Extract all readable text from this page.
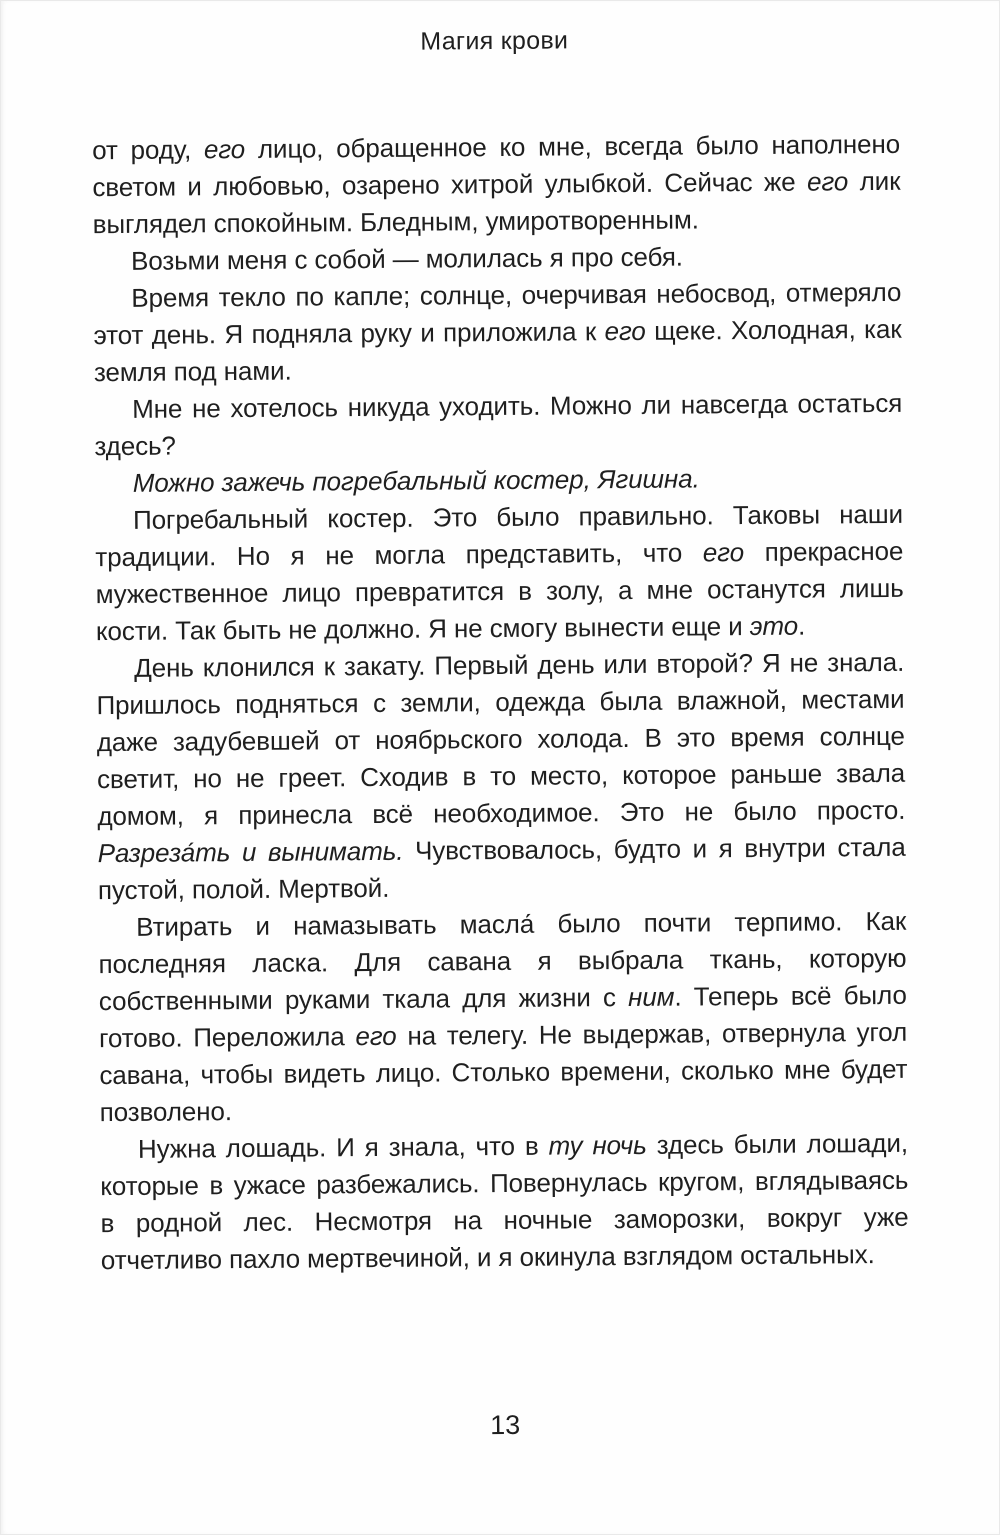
Магия крови

от роду, его лицо, обращенное ко мне, всегда было наполнено светом и любовью, озарено хитрой улыбкой. Сейчас же его лик выглядел спокойным. Бледным, умиротворенным.

Возьми меня с собой — молилась я про себя.

Время текло по капле; солнце, очерчивая небосвод, отмеряло этот день. Я подняла руку и приложила к его щеке. Холодная, как земля под нами.

Мне не хотелось никуда уходить. Можно ли навсегда остаться здесь?

Можно зажечь погребальный костер, Ягишна.

Погребальный костер. Это было правильно. Таковы наши традиции. Но я не могла представить, что его прекрасное мужественное лицо превратится в золу, а мне останутся лишь кости. Так быть не должно. Я не смогу вынести еще и это.

День клонился к закату. Первый день или второй? Я не знала. Пришлось подняться с земли, одежда была влажной, местами даже задубевшей от ноябрьского холода. В это время солнце светит, но не греет. Сходив в то место, которое раньше звала домом, я принесла всё необходимое. Это не было просто. Разреза́ть и вынимать. Чувствовалось, будто и я внутри стала пустой, полой. Мертвой.

Втирать и намазывать масла́ было почти терпимо. Как последняя ласка. Для савана я выбрала ткань, которую собственными руками ткала для жизни с ним. Теперь всё было готово. Переложила его на телегу. Не выдержав, отвернула угол савана, чтобы видеть лицо. Столько времени, сколько мне будет позволено.

Нужна лошадь. И я знала, что в ту ночь здесь были лошади, которые в ужасе разбежались. Повернулась кругом, вглядываясь в родной лес. Несмотря на ночные заморозки, вокруг уже отчетливо пахло мертвечиной, и я окинула взглядом остальных.

13
